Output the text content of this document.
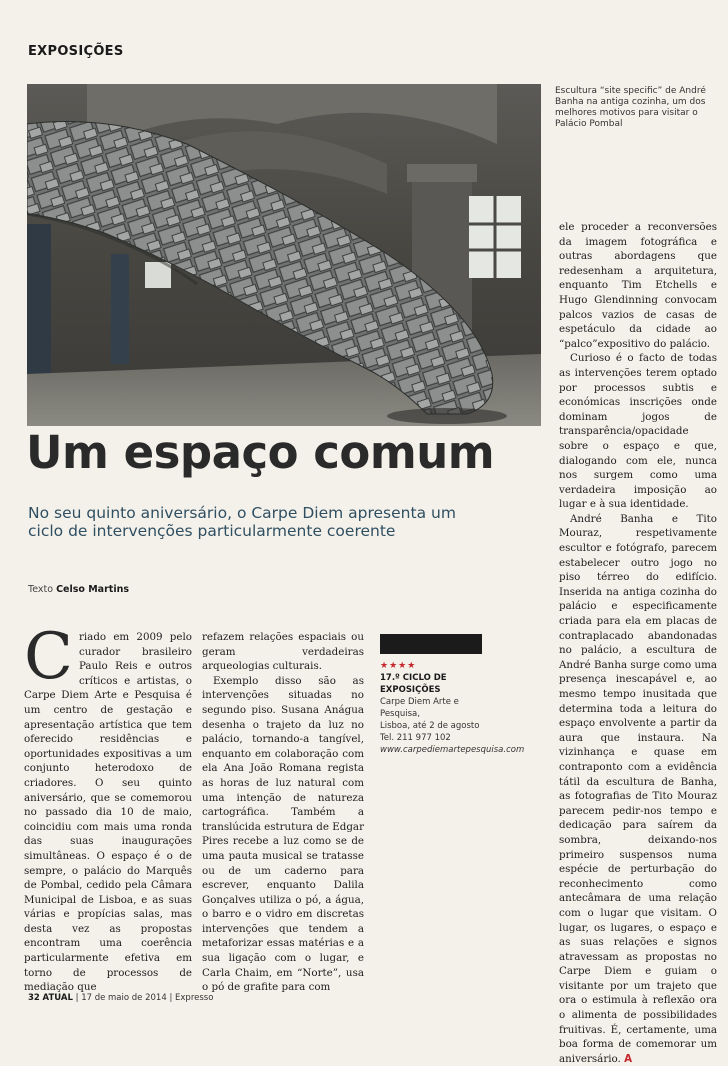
EXPOSIÇÕES
Escultura “site specific” de André Banha na antiga cozinha, um dos melhores motivos para visitar o Palácio Pombal
Um espaço comum
No seu quinto aniversário, o Carpe Diem apresenta um ciclo de intervenções particularmente coerente
Texto Celso Martins
C riado em 2009 pelo curador brasileiro Paulo Reis e outros críticos e artistas, o Carpe Diem Arte e Pesquisa é um centro de gestação e apresentação artística que tem oferecido residências e oportunidades expositivas a um conjunto heterodoxo de criadores. O seu quinto aniversário, que se comemorou no passado dia 10 de maio, coincidiu com mais uma ronda das suas inaugurações simultâneas. O espaço é o de sempre, o palácio do Marquês de Pombal, cedido pela Câmara Municipal de Lisboa, e as suas várias e propícias salas, mas desta vez as propostas encontram uma coerência particularmente efetiva em torno de processos de mediação que

refazem relações espaciais ou geram verdadeiras arqueologias culturais.

Exemplo disso são as intervenções situadas no segundo piso. Susana Anágua desenha o trajeto da luz no palácio, tornando-a tangível, enquanto em colaboração com ela Ana João Romana regista as horas de luz natural com uma intenção de natureza cartográfica. Também a translúcida estrutura de Edgar Pires recebe a luz como se de uma pauta musical se tratasse ou de um caderno para escrever, enquanto Dalila Gonçalves utiliza o pó, a água, o barro e o vidro em discretas intervenções que tendem a metaforizar essas matérias e a sua ligação com o lugar, e Carla Chaim, em “Norte”, usa o pó de grafite para com

★★★★
17.º CICLO DE EXPOSIÇÕES
Carpe Diem Arte e Pesquisa,
Lisboa, até 2 de agosto
Tel. 211 977 102
www.carpediemartepesquisa.com

ele proceder a reconversões da imagem fotográfica e outras abordagens que redesenham a arquitetura, enquanto Tim Etchells e Hugo Glendinning convocam palcos vazios de casas de espetáculo da cidade ao “palco”expositivo do palácio.

Curioso é o facto de todas as intervenções terem optado por processos subtis e económicas inscrições onde dominam jogos de transparência/opacidade sobre o espaço e que, dialogando com ele, nunca nos surgem como uma verdadeira imposição ao lugar e à sua identidade.

André Banha e Tito Mouraz, respetivamente escultor e fotógrafo, parecem estabelecer outro jogo no piso térreo do edifício. Inserida na antiga cozinha do palácio e especificamente criada para ela em placas de contraplacado abandonadas no palácio, a escultura de André Banha surge como uma presença inescapável e, ao mesmo tempo inusitada que determina toda a leitura do espaço envolvente a partir da aura que instaura. Na vizinhança e quase em contraponto com a evidência tátil da escultura de Banha, as fotografias de Tito Mouraz parecem pedir-nos tempo e dedicação para saírem da sombra, deixando-nos primeiro suspensos numa espécie de perturbação do reconhecimento como antecâmara de uma relação com o lugar que visitam. O lugar, os lugares, o espaço e as suas relações e signos atravessam as propostas no Carpe Diem e guiam o visitante por um trajeto que ora o estimula à reflexão ora o alimenta de possibilidades fruitivas. É, certamente, uma boa forma de comemorar um aniversário. A

32 ATUAL | 17 de maio de 2014 | Expresso
